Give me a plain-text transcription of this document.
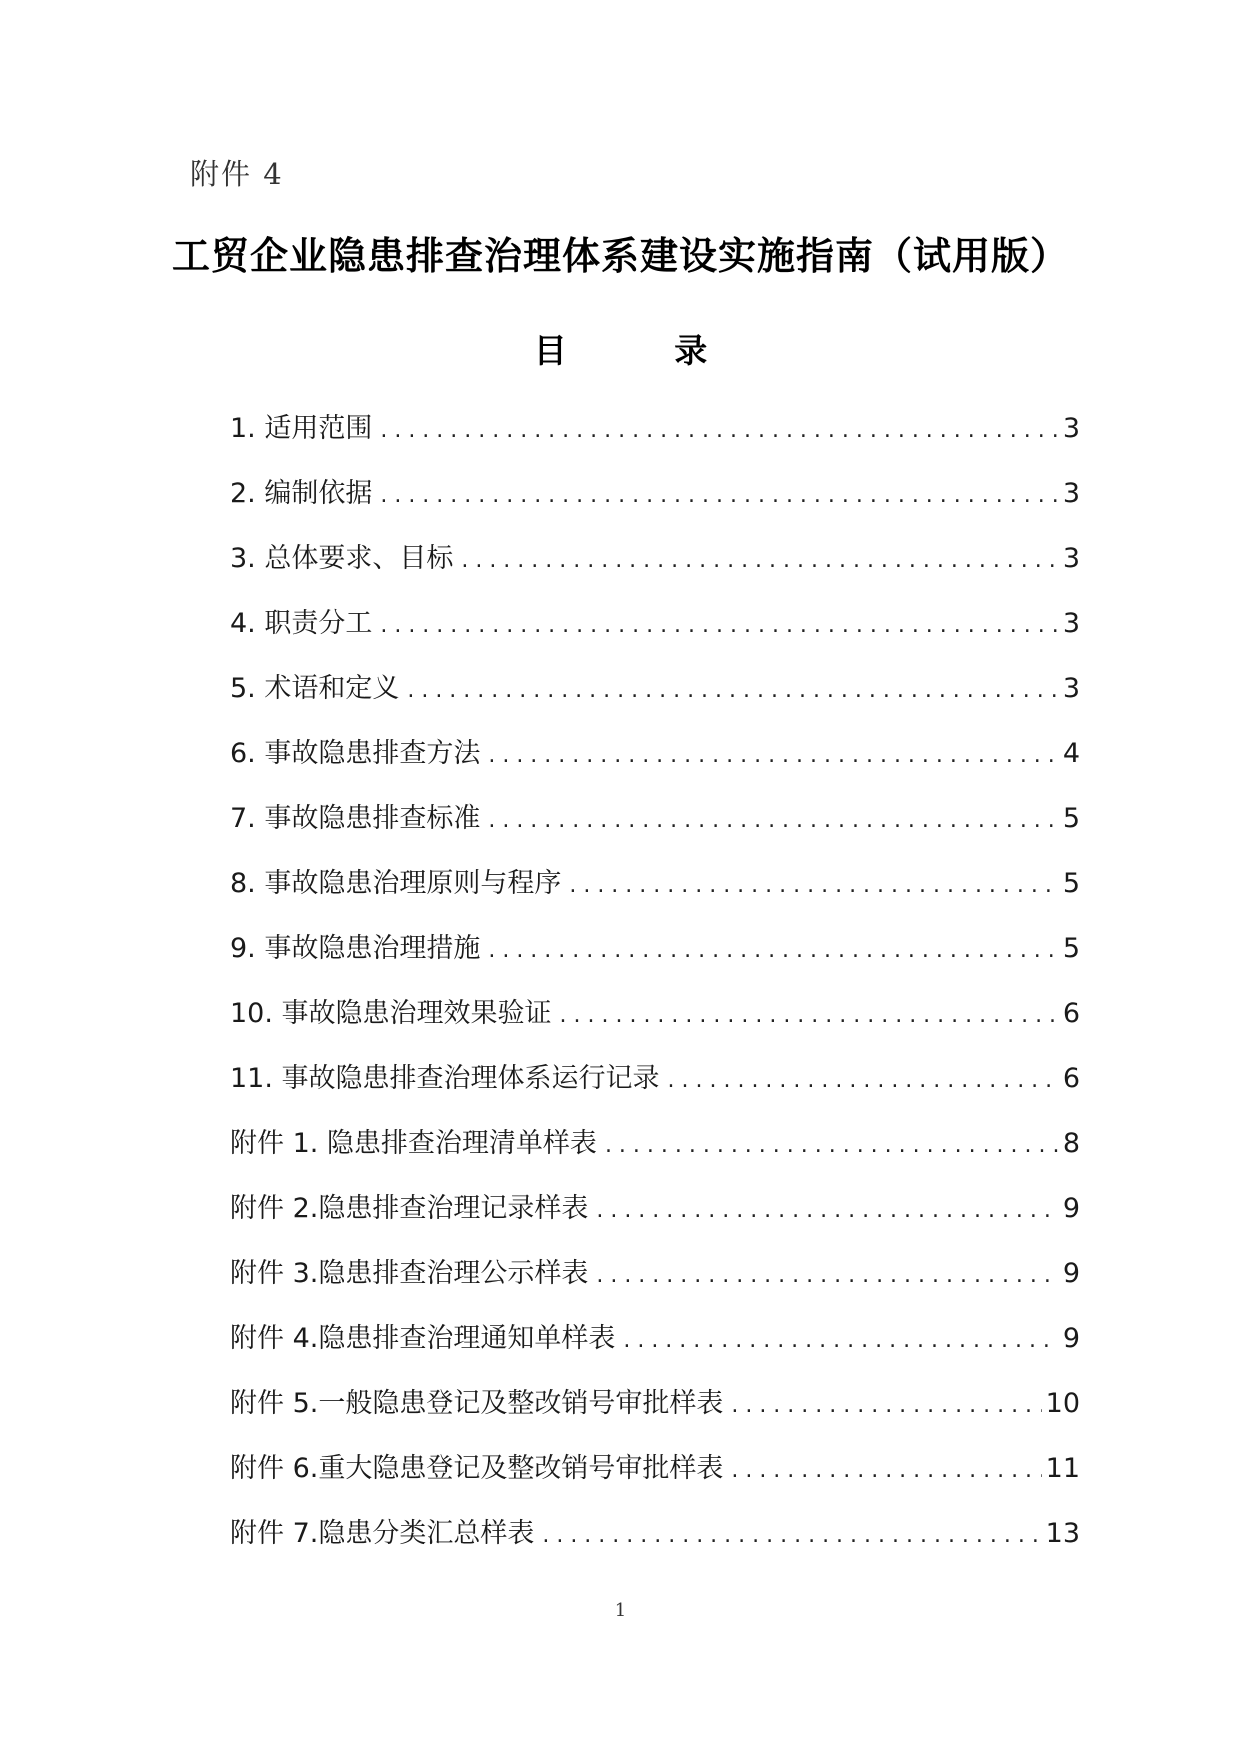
附件 4
工贸企业隐患排查治理体系建设实施指南（试用版）
目 录
1. 适用范围 . . .	3
2. 编制依据 . . .	3
3. 总体要求、目标 . . .	3
4. 职责分工 . . .	3
5. 术语和定义 . . .	3
6. 事故隐患排查方法 . . .	4
7. 事故隐患排查标准 . . .	5
8. 事故隐患治理原则与程序 . . .	5
9. 事故隐患治理措施 . . .	5
10. 事故隐患治理效果验证 . . .	6
11. 事故隐患排查治理体系运行记录 . . .	6
附件 1. 隐患排查治理清单样表 . . .	8
附件 2.隐患排查治理记录样表 . . .	9
附件 3.隐患排查治理公示样表 . . .	9
附件 4.隐患排查治理通知单样表 . . .	9
附件 5.一般隐患登记及整改销号审批样表 . . .	10
附件 6.重大隐患登记及整改销号审批样表 . . .	11
附件 7.隐患分类汇总样表 . . .	13
1
